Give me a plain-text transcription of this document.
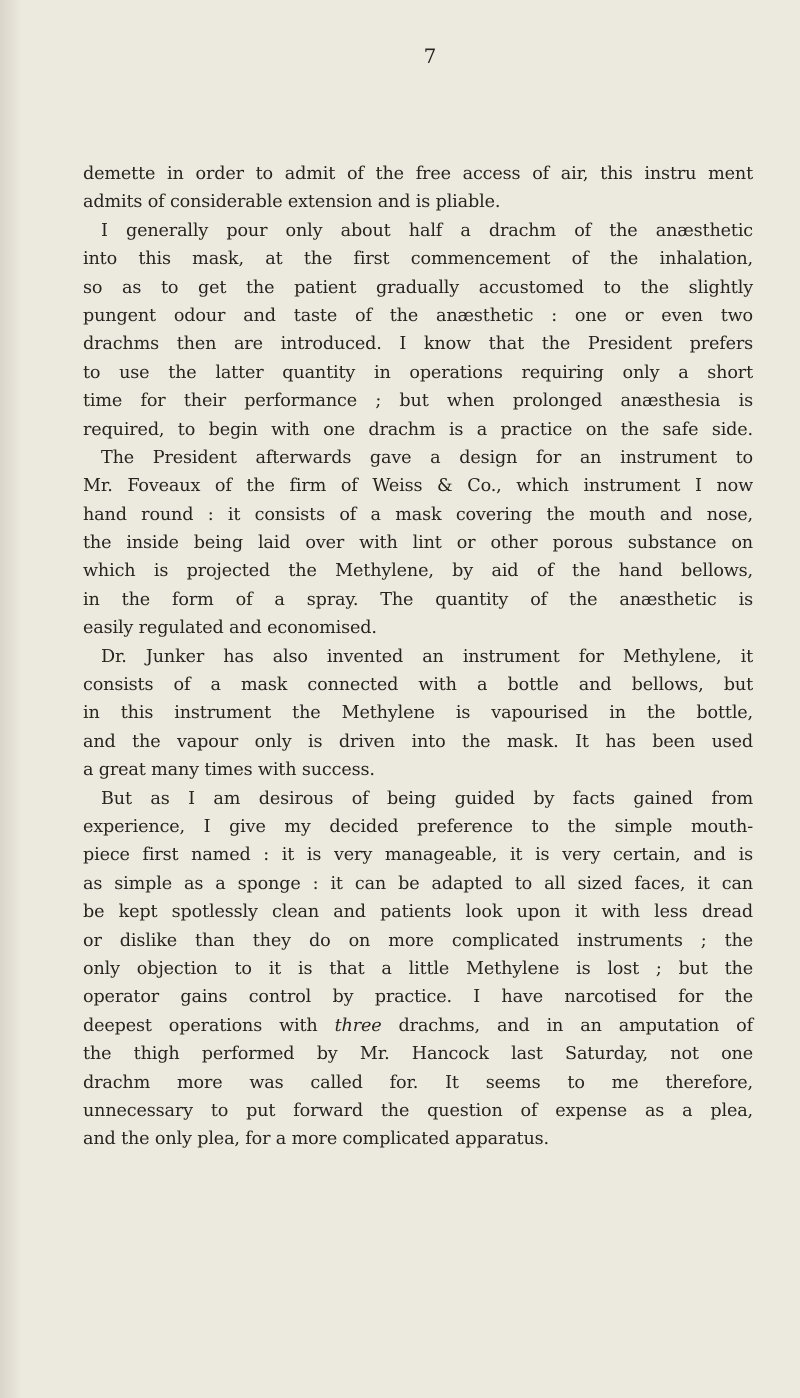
7
demette in order to admit of the free access of air, this instru ment
admits of considerable extension and is pliable.
I generally pour only about half a drachm of the anæsthetic
into this mask, at the first commencement of the inhalation,
so as to get the patient gradually accustomed to the slightly
pungent odour and taste of the anæsthetic : one or even two
drachms then are introduced. I know that the President prefers
to use the latter quantity in operations requiring only a short
time for their performance ; but when prolonged anæsthesia is
required, to begin with one drachm is a practice on the safe side.
The President afterwards gave a design for an instrument to
Mr. Foveaux of the firm of Weiss & Co., which instrument I now
hand round : it consists of a mask covering the mouth and nose,
the inside being laid over with lint or other porous substance on
which is projected the Methylene, by aid of the hand bellows,
in the form of a spray. The quantity of the anæsthetic is
easily regulated and economised.
Dr. Junker has also invented an instrument for Methylene, it
consists of a mask connected with a bottle and bellows, but
in this instrument the Methylene is vapourised in the bottle,
and the vapour only is driven into the mask. It has been used
a great many times with success.
But as I am desirous of being guided by facts gained from
experience, I give my decided preference to the simple mouth-
piece first named : it is very manageable, it is very certain, and is
as simple as a sponge : it can be adapted to all sized faces, it can
be kept spotlessly clean and patients look upon it with less dread
or dislike than they do on more complicated instruments ; the
only objection to it is that a little Methylene is lost ; but the
operator gains control by practice. I have narcotised for the
deepest operations with three drachms, and in an amputation of
the thigh performed by Mr. Hancock last Saturday, not one
drachm more was called for. It seems to me therefore,
unnecessary to put forward the question of expense as a plea,
and the only plea, for a more complicated apparatus.
